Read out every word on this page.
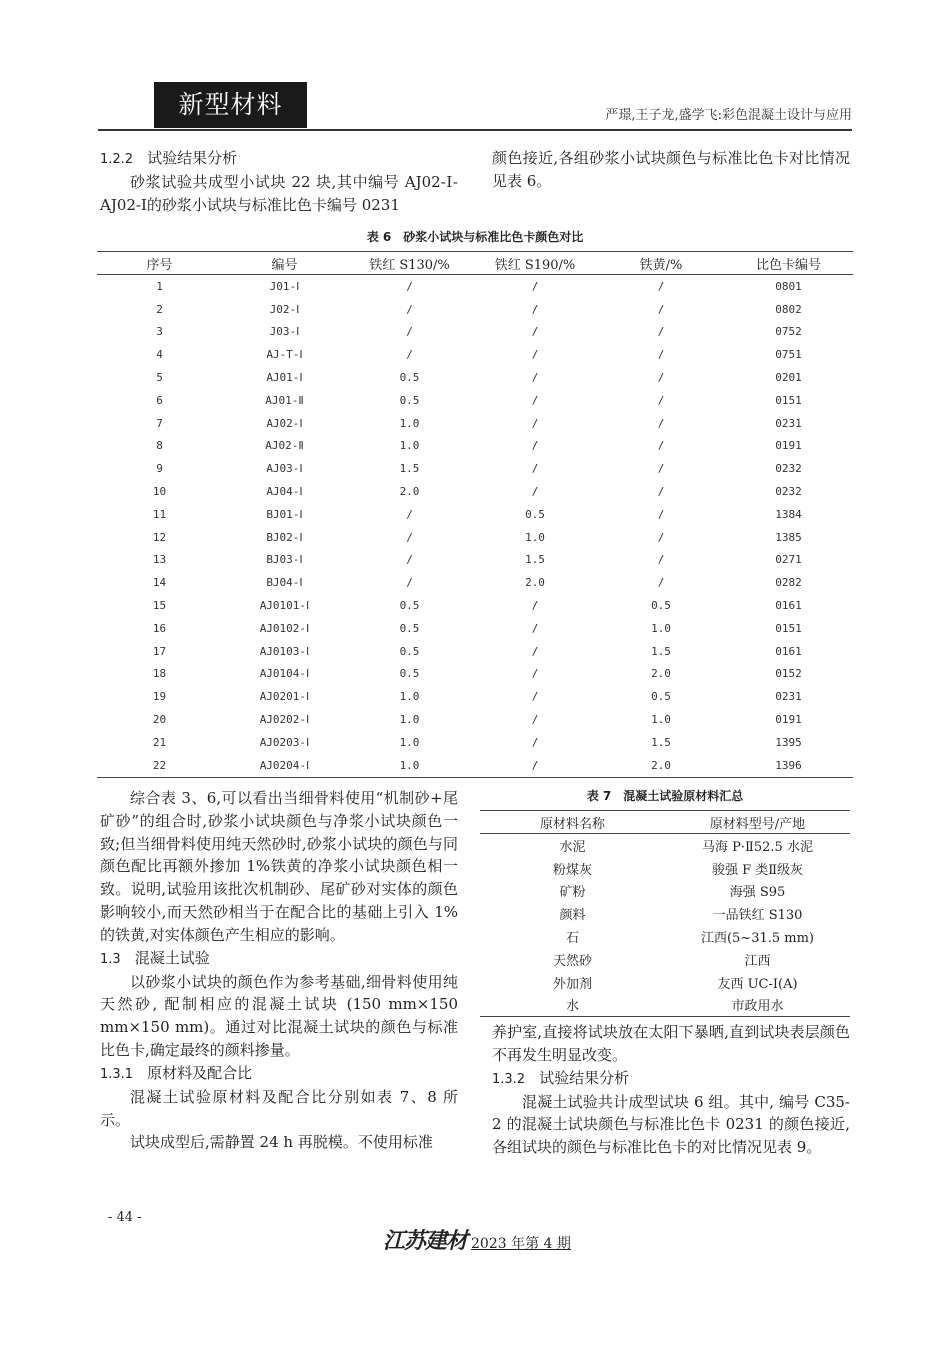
新型材料	严璟,王子龙,盛学飞:彩色混凝土设计与应用

1.2.2 试验结果分析

砂浆试验共成型小试块 22 块,其中编号 AJ02-Ⅰ-AJ02-Ⅰ的砂浆小试块与标准比色卡编号 0231

颜色接近,各组砂浆小试块颜色与标准比色卡对比情况见表 6。

表 6　砂浆小试块与标准比色卡颜色对比
序号	编号	铁红 S130/%	铁红 S190/%	铁黄/%	比色卡编号
1	J01-Ⅰ	/	/	/	0801
2	J02-Ⅰ	/	/	/	0802
3	J03-Ⅰ	/	/	/	0752
4	AJ-T-Ⅰ	/	/	/	0751
5	AJ01-Ⅰ	0.5	/	/	0201
6	AJ01-Ⅱ	0.5	/	/	0151
7	AJ02-Ⅰ	1.0	/	/	0231
8	AJ02-Ⅱ	1.0	/	/	0191
9	AJ03-Ⅰ	1.5	/	/	0232
10	AJ04-Ⅰ	2.0	/	/	0232
11	BJ01-Ⅰ	/	0.5	/	1384
12	BJ02-Ⅰ	/	1.0	/	1385
13	BJ03-Ⅰ	/	1.5	/	0271
14	BJ04-Ⅰ	/	2.0	/	0282
15	AJ0101-Ⅰ	0.5	/	0.5	0161
16	AJ0102-Ⅰ	0.5	/	1.0	0151
17	AJ0103-Ⅰ	0.5	/	1.5	0161
18	AJ0104-Ⅰ	0.5	/	2.0	0152
19	AJ0201-Ⅰ	1.0	/	0.5	0231
20	AJ0202-Ⅰ	1.0	/	1.0	0191
21	AJ0203-Ⅰ	1.0	/	1.5	1395
22	AJ0204-Ⅰ	1.0	/	2.0	1396

综合表 3、6,可以看出当细骨料使用“机制砂+尾矿砂”的组合时,砂浆小试块颜色与净浆小试块颜色一致;但当细骨料使用纯天然砂时,砂浆小试块的颜色与同颜色配比再额外掺加 1%铁黄的净浆小试块颜色相一致。说明,试验用该批次机制砂、尾矿砂对实体的颜色影响较小,而天然砂相当于在配合比的基础上引入 1%的铁黄,对实体颜色产生相应的影响。

1.3 混凝土试验

以砂浆小试块的颜色作为参考基础,细骨料使用纯天然砂, 配制相应的混凝土试块 (150 mm×150 mm×150 mm)。通过对比混凝土试块的颜色与标准比色卡,确定最终的颜料掺量。

1.3.1 原材料及配合比

混凝土试验原材料及配合比分别如表 7、8 所示。

试块成型后,需静置 24 h 再脱模。不使用标准

表 7　混凝土试验原材料汇总
原材料名称	原材料型号/产地
水泥	马海 P·Ⅱ52.5 水泥
粉煤灰	骏强 F 类Ⅱ级灰
矿粉	海强 S95
颜料	一品铁红 S130
石	江西(5~31.5 mm)
天然砂	江西
外加剂	友西 UC-Ⅰ(A)
水	市政用水

养护室,直接将试块放在太阳下暴晒,直到试块表层颜色不再发生明显改变。

1.3.2 试验结果分析

混凝土试验共计成型试块 6 组。其中, 编号 C35-2 的混凝土试块颜色与标准比色卡 0231 的颜色接近,各组试块的颜色与标准比色卡的对比情况见表 9。

- 44 -
江苏建材 2023 年第 4 期
